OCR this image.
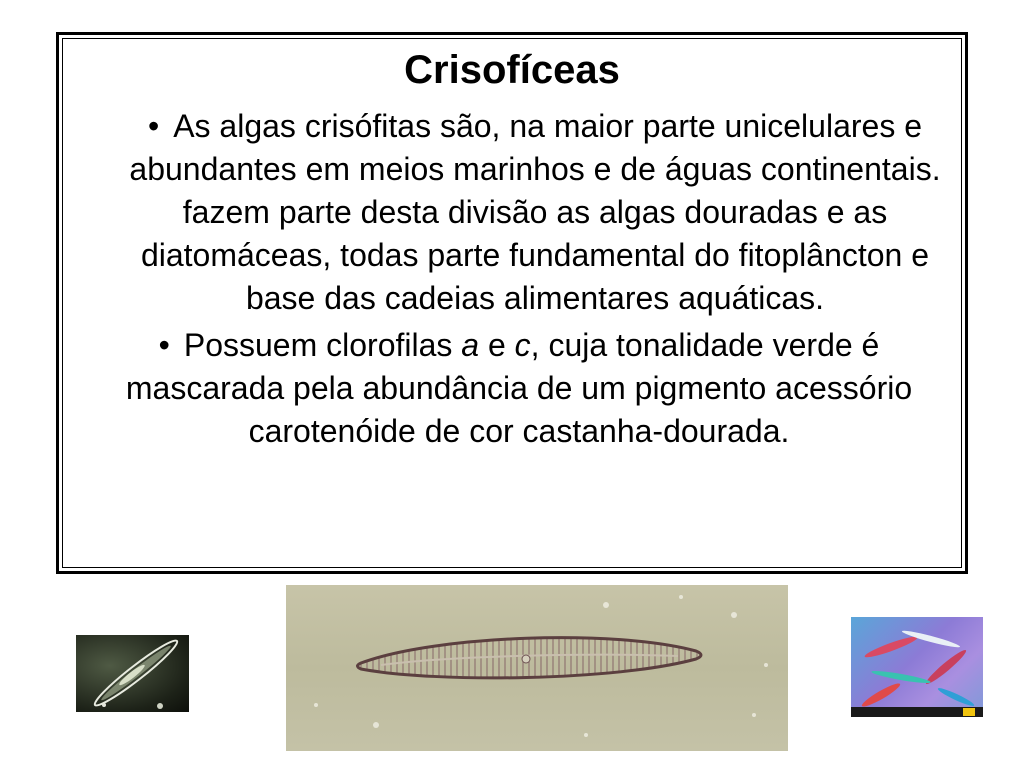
Crisofíceas
• As algas crisófitas são, na maior parte unicelulares e abundantes em meios marinhos e de águas continentais. fazem parte desta divisão as algas douradas e as diatomáceas, todas parte fundamental do fitoplâncton e base das cadeias alimentares aquáticas.
• Possuem clorofilas a e c, cuja tonalidade verde é mascarada pela abundância de um pigmento acessório carotenóide de cor castanha-dourada.
